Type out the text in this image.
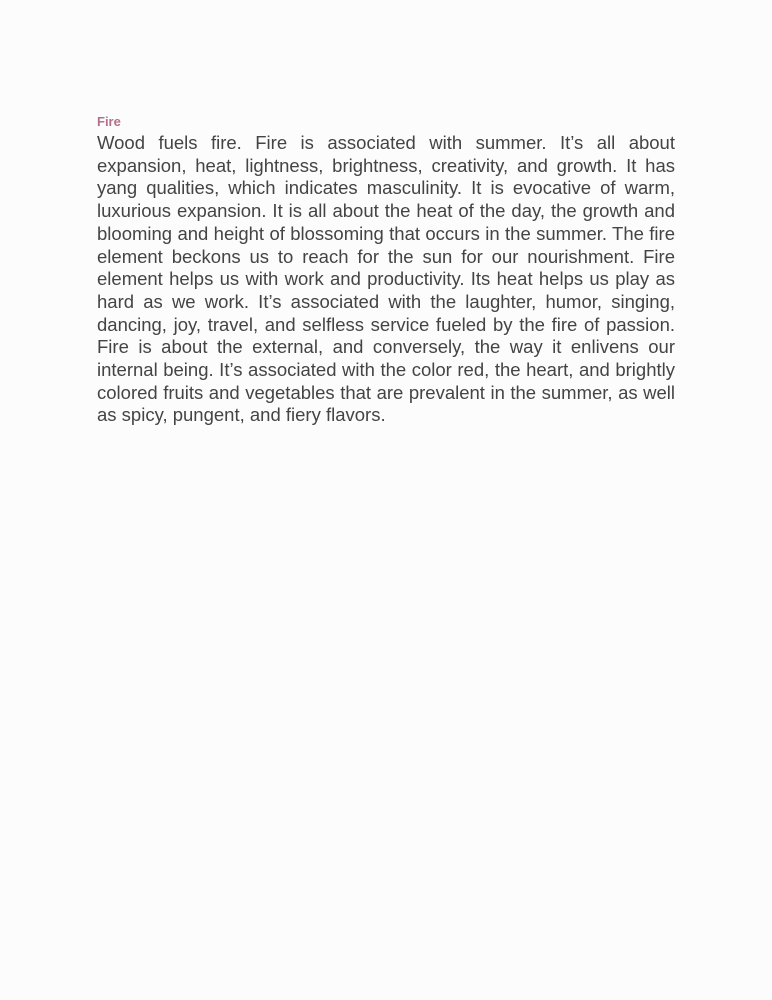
Fire

Wood fuels fire. Fire is associated with summer. It’s all about expansion, heat, lightness, brightness, creativity, and growth. It has yang qualities, which indicates masculinity. It is evocative of warm, luxurious expansion. It is all about the heat of the day, the growth and blooming and height of blossoming that occurs in the summer. The fire element beckons us to reach for the sun for our nourishment. Fire element helps us with work and productivity. Its heat helps us play as hard as we work. It’s associated with the laughter, humor, singing, dancing, joy, travel, and selfless service fueled by the fire of passion. Fire is about the external, and conversely, the way it enlivens our internal being. It’s associated with the color red, the heart, and brightly colored fruits and vegetables that are prevalent in the summer, as well as spicy, pungent, and fiery flavors.
